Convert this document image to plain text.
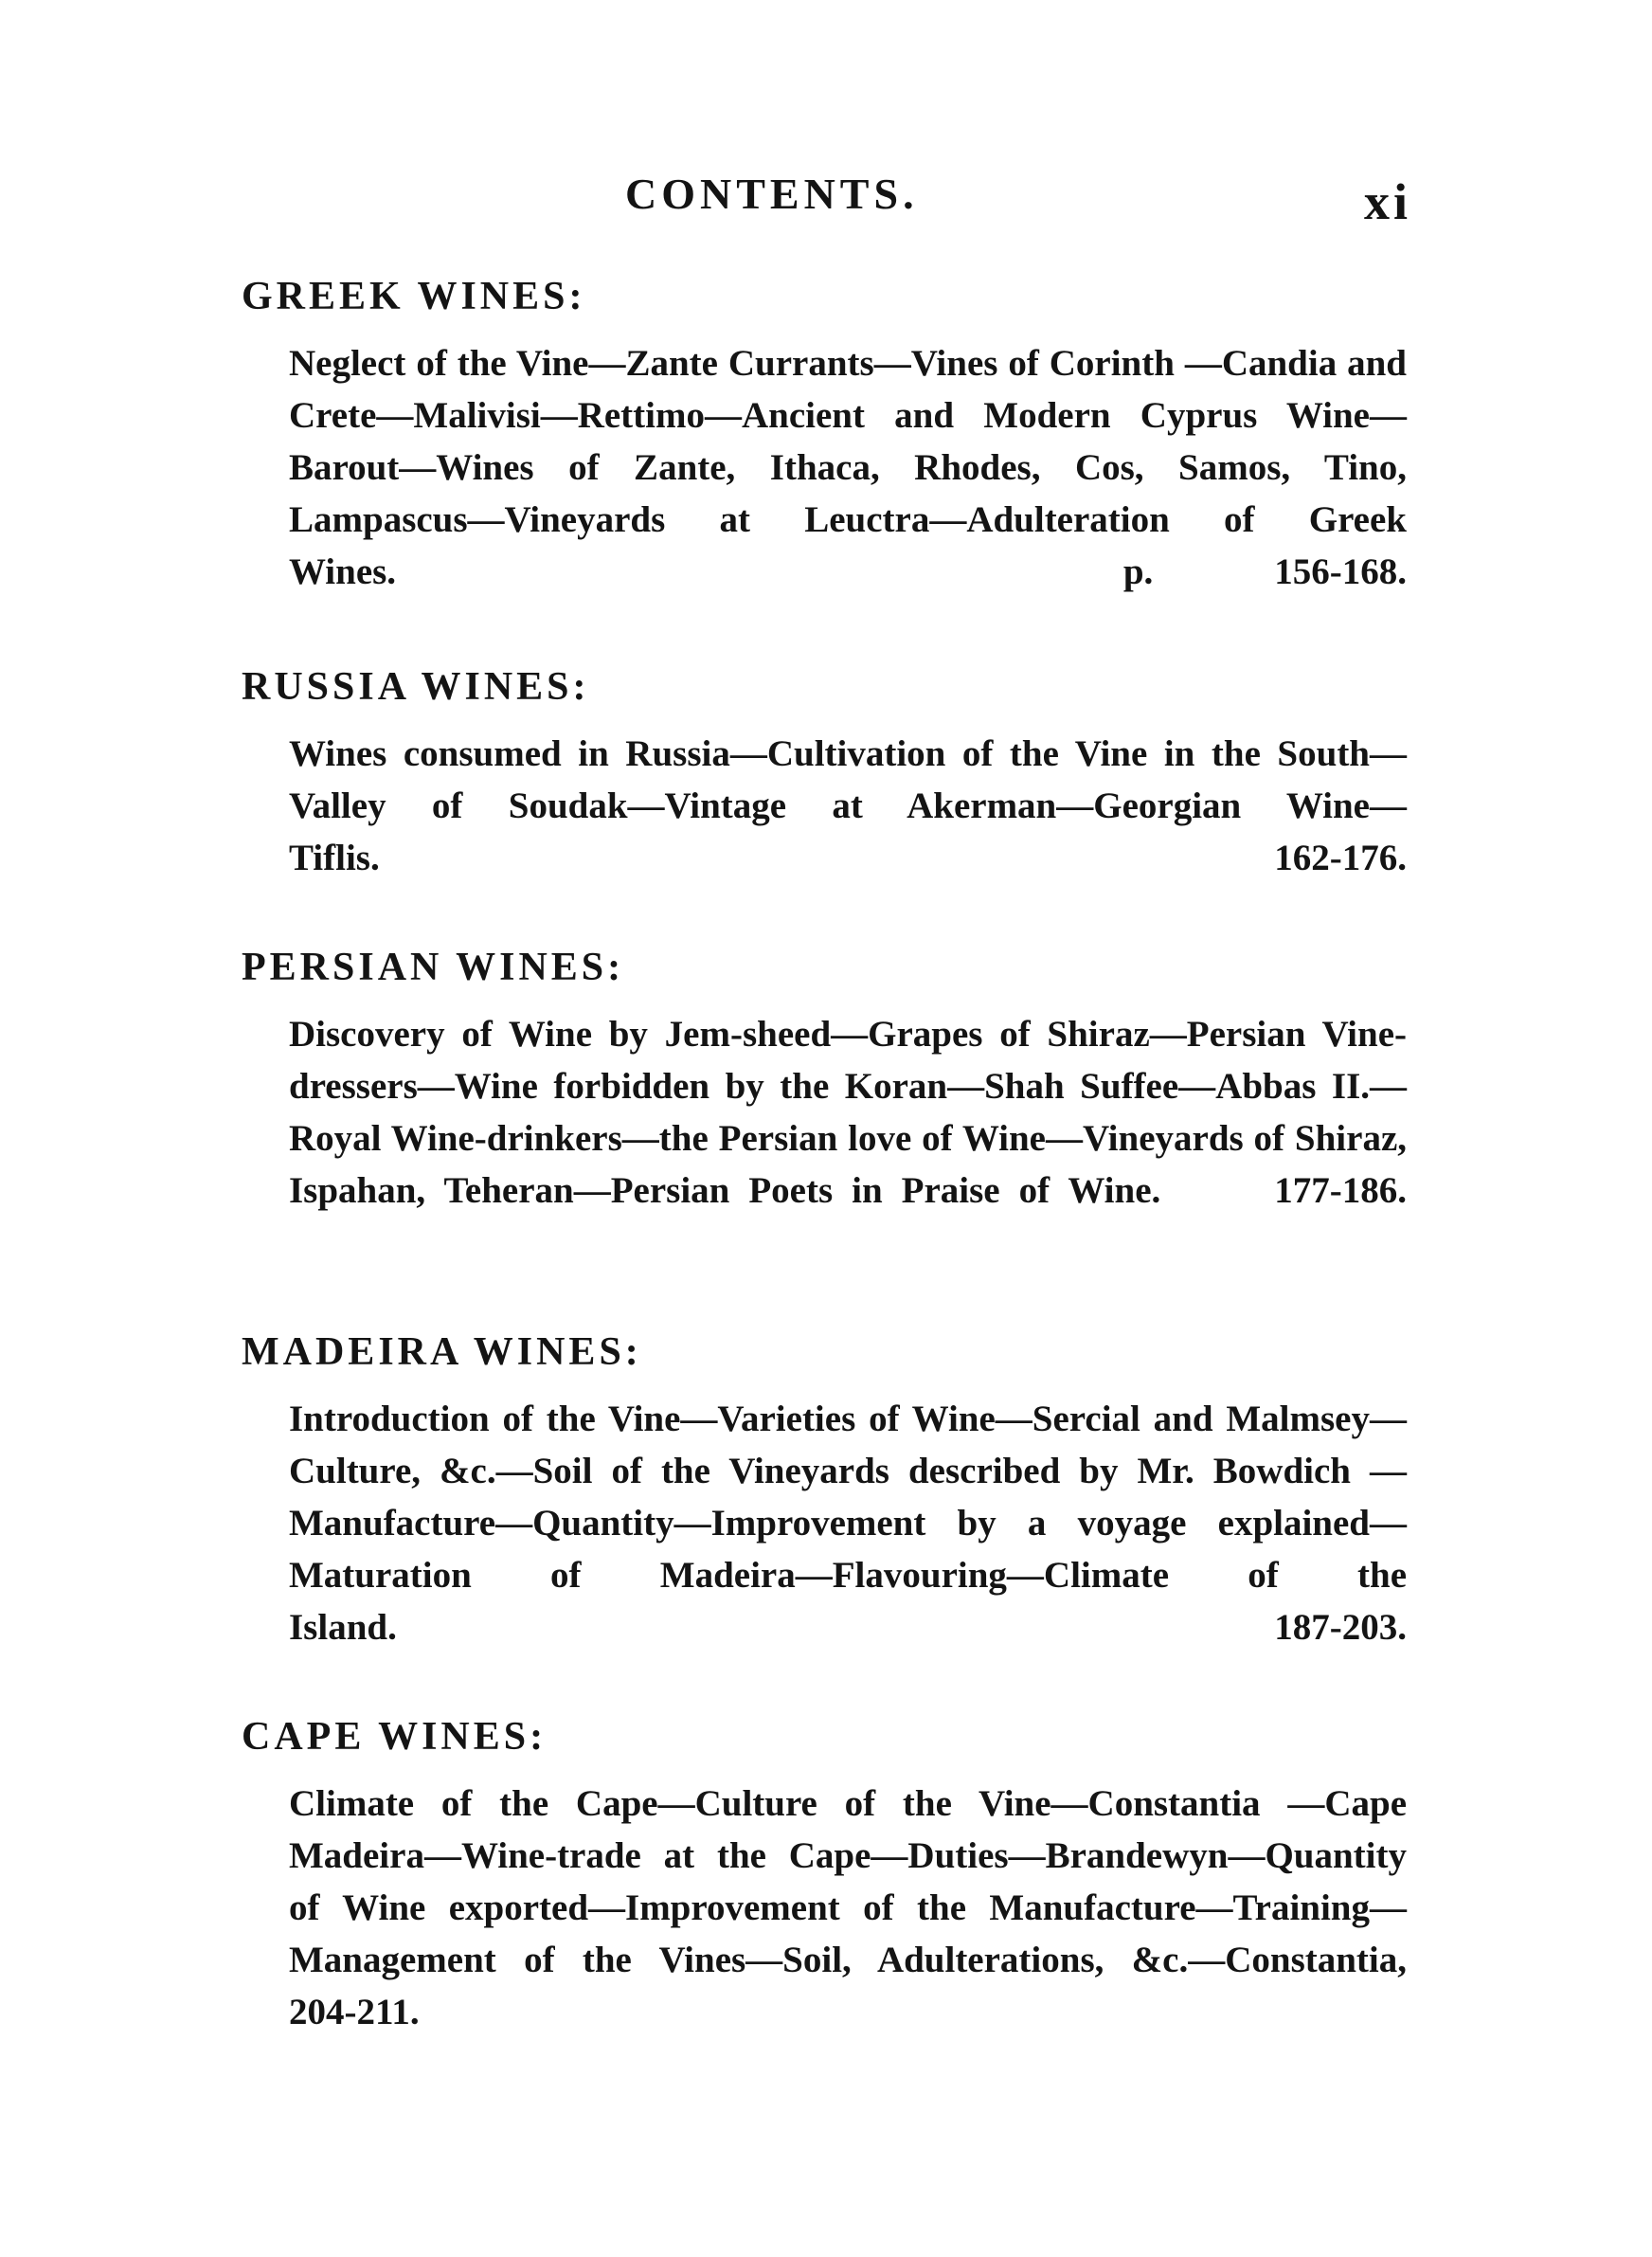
CONTENTS.	xi
GREEK WINES:
Neglect of the Vine—Zante Currants—Vines of Corinth —Candia and Crete—Malivisi—Rettimo—Ancient and Modern Cyprus Wine—Barout—Wines of Zante, Ithaca, Rhodes, Cos, Samos, Tino, Lampascus—Vineyards at Leuctra—Adulteration of Greek Wines.	p. 156-168.
RUSSIA WINES:
Wines consumed in Russia—Cultivation of the Vine in the South—Valley of Soudak—Vintage at Akerman—Georgian Wine—Tiflis.	162-176.
PERSIAN WINES:
Discovery of Wine by Jem-sheed—Grapes of Shiraz—Persian Vine-dressers—Wine forbidden by the Koran—Shah Suffee—Abbas II.—Royal Wine-drinkers—the Persian love of Wine—Vineyards of Shiraz, Ispahan, Teheran—Persian Poets in Praise of Wine.	177-186.
MADEIRA WINES:
Introduction of the Vine—Varieties of Wine—Sercial and Malmsey—Culture, &c.—Soil of the Vineyards described by Mr. Bowdich —Manufacture—Quantity—Improvement by a voyage explained—Maturation of Madeira—Flavouring—Climate of the Island.	187-203.
CAPE WINES:
Climate of the Cape—Culture of the Vine—Constantia —Cape Madeira—Wine-trade at the Cape—Duties—Brandewyn—Quantity of Wine exported—Improvement of the Manufacture—Training—Management of the Vines—Soil, Adulterations, &c.—Constantia, 204-211.
